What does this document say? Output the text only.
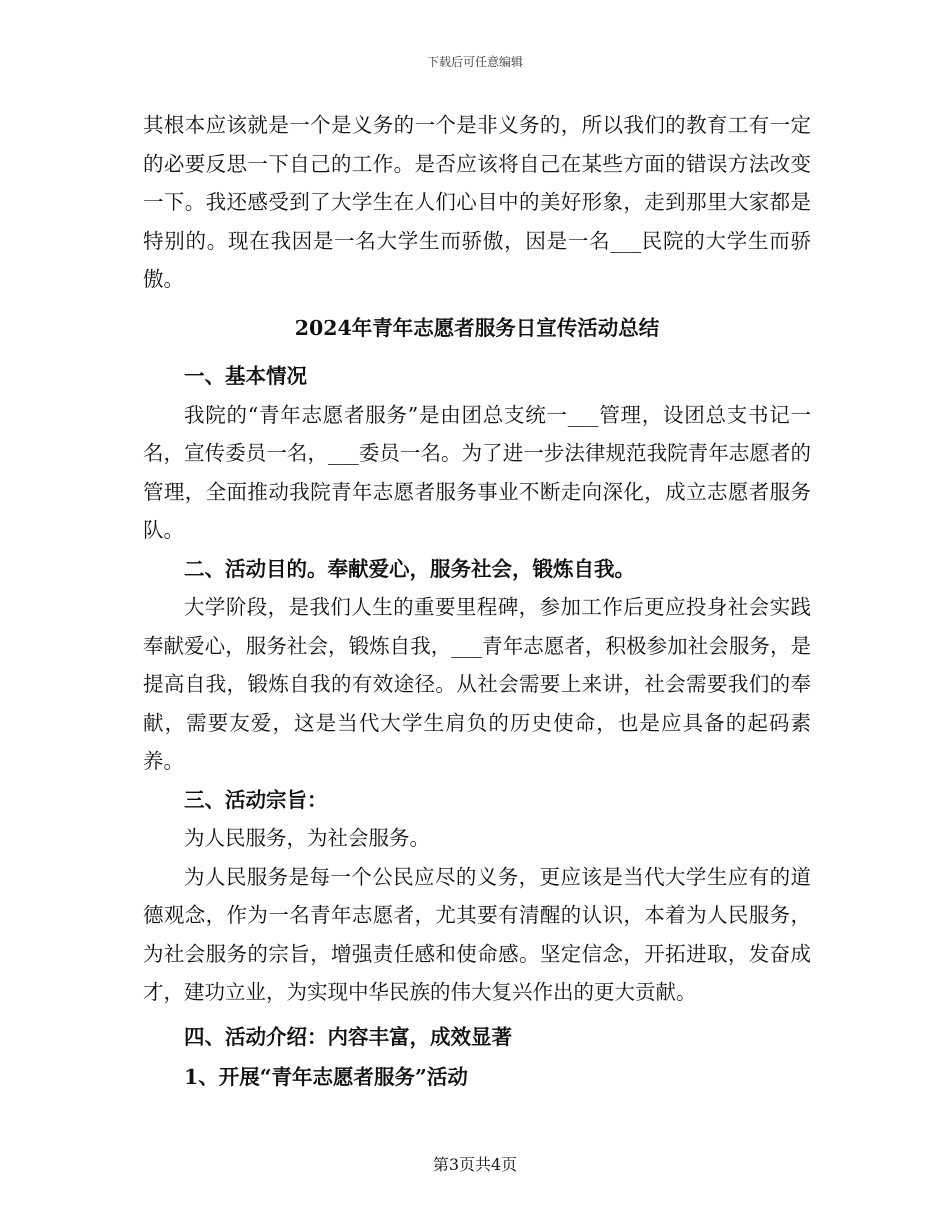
下载后可任意编辑

其根本应该就是一个是义务的一个是非义务的，所以我们的教育工有一定的必要反思一下自己的工作。是否应该将自己在某些方面的错误方法改变一下。我还感受到了大学生在人们心目中的美好形象，走到那里大家都是特别的。现在我因是一名大学生而骄傲，因是一名___民院的大学生而骄傲。

2024年青年志愿者服务日宣传活动总结

一、基本情况

我院的“青年志愿者服务”是由团总支统一___管理，设团总支书记一名，宣传委员一名，___委员一名。为了进一步法律规范我院青年志愿者的管理，全面推动我院青年志愿者服务事业不断走向深化，成立志愿者服务队。

二、活动目的。奉献爱心，服务社会，锻炼自我。

大学阶段，是我们人生的重要里程碑，参加工作后更应投身社会实践奉献爱心，服务社会，锻炼自我，___青年志愿者，积极参加社会服务，是提高自我，锻炼自我的有效途径。从社会需要上来讲，社会需要我们的奉献，需要友爱，这是当代大学生肩负的历史使命，也是应具备的起码素养。

三、活动宗旨：

为人民服务，为社会服务。

为人民服务是每一个公民应尽的义务，更应该是当代大学生应有的道德观念，作为一名青年志愿者，尤其要有清醒的认识，本着为人民服务，为社会服务的宗旨，增强责任感和使命感。坚定信念，开拓进取，发奋成才，建功立业，为实现中华民族的伟大复兴作出的更大贡献。

四、活动介绍：内容丰富，成效显著

1、开展“青年志愿者服务”活动

第3页共4页
